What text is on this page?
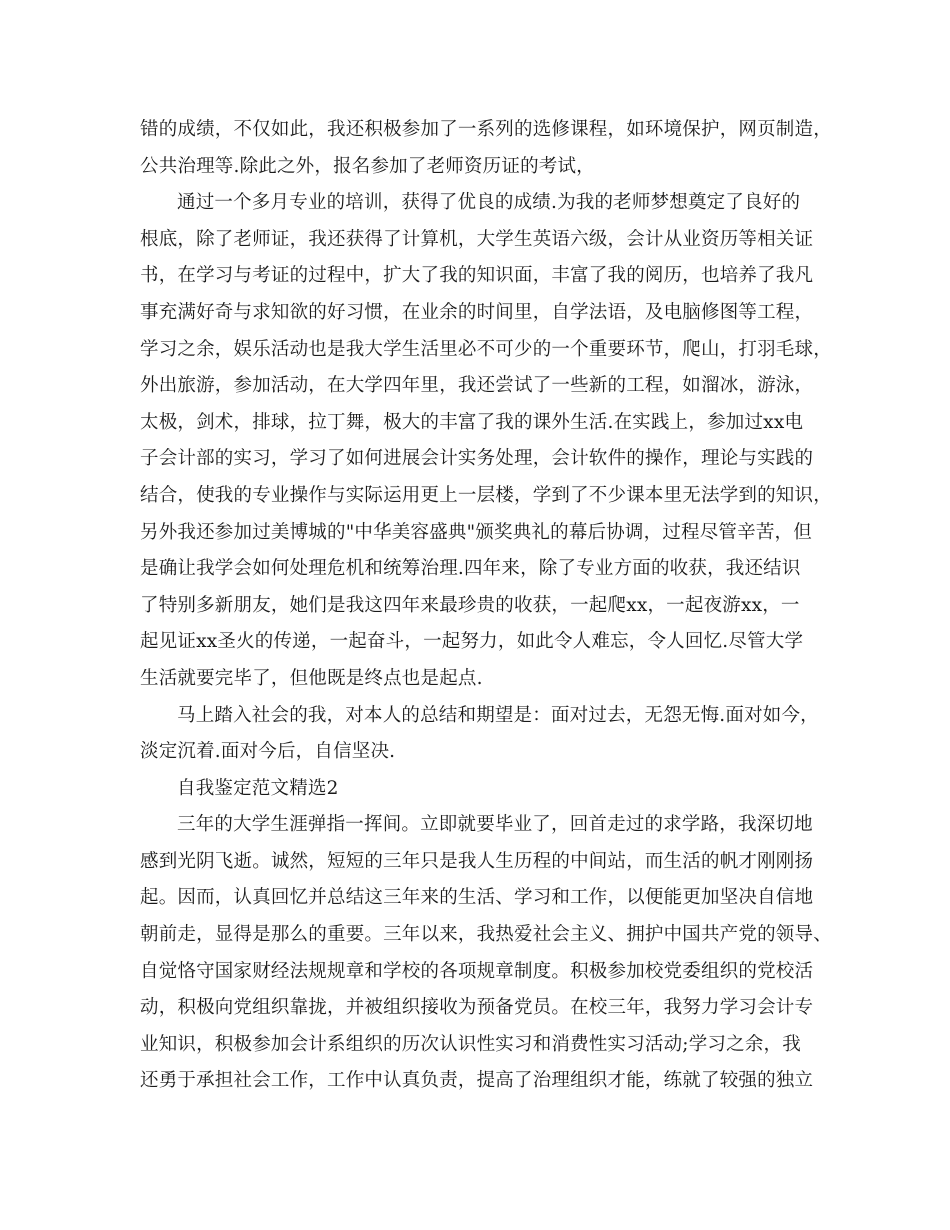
错的成绩，不仅如此，我还积极参加了一系列的选修课程，如环境保护，网页制造，
公共治理等.除此之外，报名参加了老师资历证的考试，
通过一个多月专业的培训，获得了优良的成绩.为我的老师梦想奠定了良好的
根底，除了老师证，我还获得了计算机，大学生英语六级，会计从业资历等相关证
书，在学习与考证的过程中，扩大了我的知识面，丰富了我的阅历，也培养了我凡
事充满好奇与求知欲的好习惯，在业余的时间里，自学法语，及电脑修图等工程，
学习之余，娱乐活动也是我大学生活里必不可少的一个重要环节，爬山，打羽毛球，
外出旅游，参加活动，在大学四年里，我还尝试了一些新的工程，如溜冰，游泳，
太极，剑术，排球，拉丁舞，极大的丰富了我的课外生活.在实践上，参加过xx电
子会计部的实习，学习了如何进展会计实务处理，会计软件的操作，理论与实践的
结合，使我的专业操作与实际运用更上一层楼，学到了不少课本里无法学到的知识，
另外我还参加过美博城的"中华美容盛典"颁奖典礼的幕后协调，过程尽管辛苦，但
是确让我学会如何处理危机和统筹治理.四年来，除了专业方面的收获，我还结识
了特别多新朋友，她们是我这四年来最珍贵的收获，一起爬xx，一起夜游xx，一
起见证xx圣火的传递，一起奋斗，一起努力，如此令人难忘，令人回忆.尽管大学
生活就要完毕了，但他既是终点也是起点.
马上踏入社会的我，对本人的总结和期望是：面对过去，无怨无悔.面对如今，
淡定沉着.面对今后，自信坚决.
自我鉴定范文精选2
三年的大学生涯弹指一挥间。立即就要毕业了，回首走过的求学路，我深切地
感到光阴飞逝。诚然，短短的三年只是我人生历程的中间站，而生活的帆才刚刚扬
起。因而，认真回忆并总结这三年来的生活、学习和工作，以便能更加坚决自信地
朝前走，显得是那么的重要。三年以来，我热爱社会主义、拥护中国共产党的领导、
自觉恪守国家财经法规规章和学校的各项规章制度。积极参加校党委组织的党校活
动，积极向党组织靠拢，并被组织接收为预备党员。在校三年，我努力学习会计专
业知识，积极参加会计系组织的历次认识性实习和消费性实习活动;学习之余，我
还勇于承担社会工作，工作中认真负责，提高了治理组织才能，练就了较强的独立
